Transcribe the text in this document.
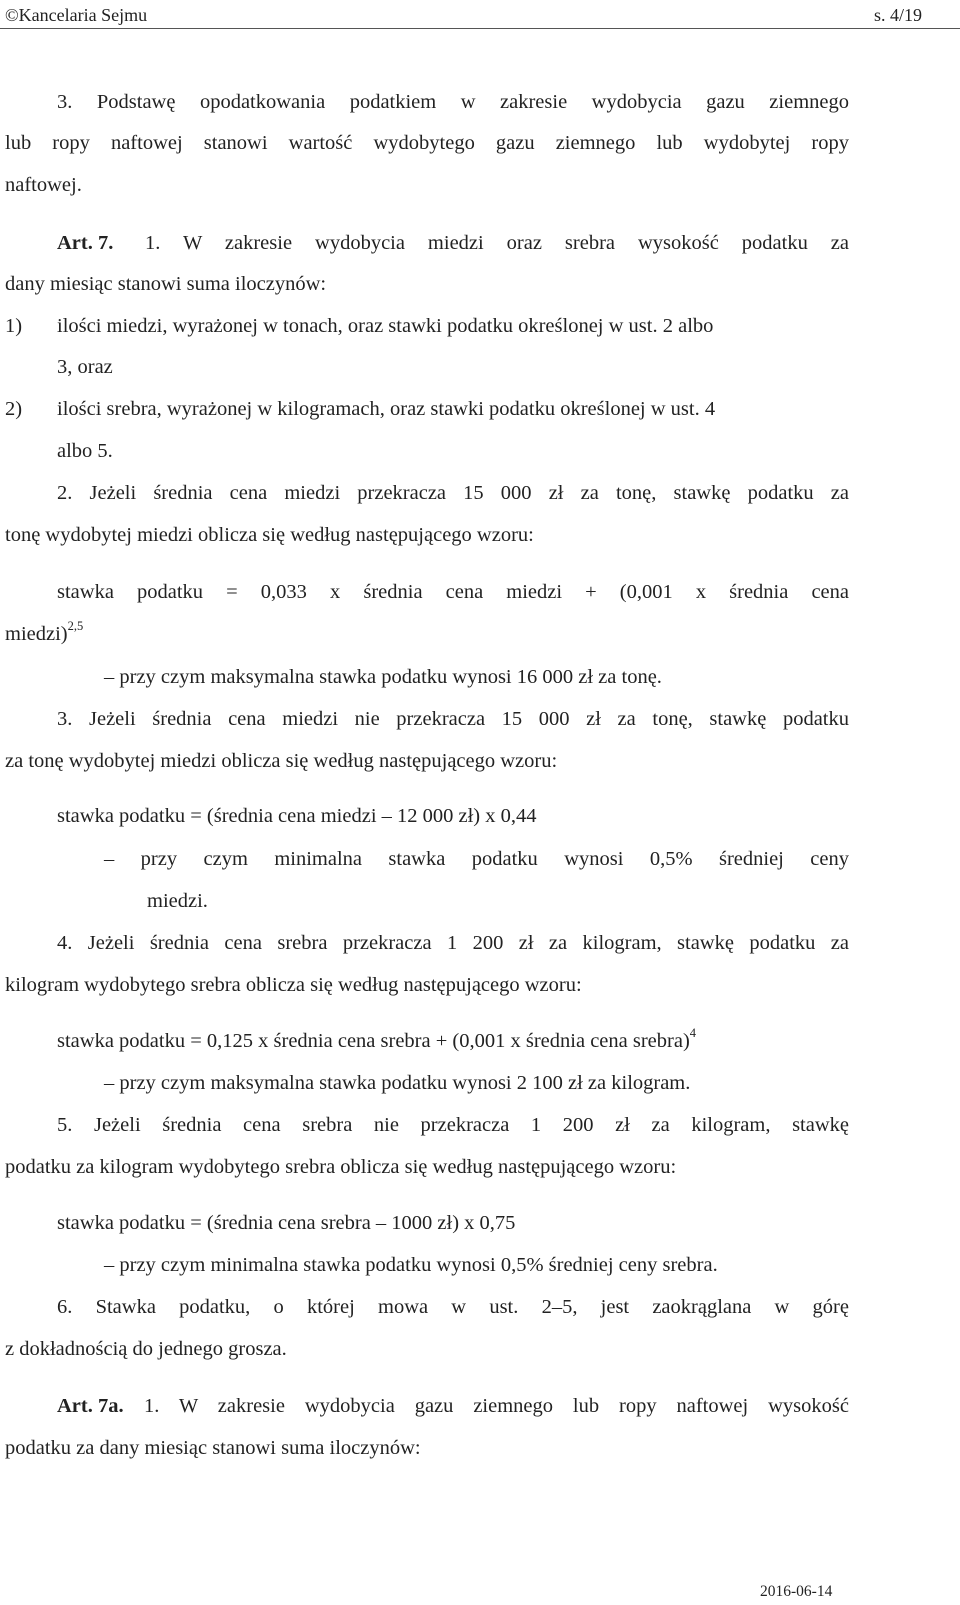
©Kancelaria Sejmu	s. 4/19
3. Podstawę opodatkowania podatkiem w zakresie wydobycia gazu ziemnego
lub ropy naftowej stanowi wartość wydobytego gazu ziemnego lub wydobytej ropy
naftowej.
Art. 7. 1. W zakresie wydobycia miedzi oraz srebra wysokość podatku za
dany miesiąc stanowi suma iloczynów:
1) ilości miedzi, wyrażonej w tonach, oraz stawki podatku określonej w ust. 2 albo
3, oraz
2) ilości srebra, wyrażonej w kilogramach, oraz stawki podatku określonej w ust. 4
albo 5.
2. Jeżeli średnia cena miedzi przekracza 15 000 zł za tonę, stawkę podatku za
tonę wydobytej miedzi oblicza się według następującego wzoru:
stawka podatku = 0,033 x średnia cena miedzi + (0,001 x średnia cena
miedzi)$^{2,5}$
– przy czym maksymalna stawka podatku wynosi 16 000 zł za tonę.
3. Jeżeli średnia cena miedzi nie przekracza 15 000 zł za tonę, stawkę podatku
za tonę wydobytej miedzi oblicza się według następującego wzoru:
stawka podatku = (średnia cena miedzi – 12 000 zł) x 0,44
– przy czym minimalna stawka podatku wynosi 0,5% średniej ceny
miedzi.
4. Jeżeli średnia cena srebra przekracza 1 200 zł za kilogram, stawkę podatku za
kilogram wydobytego srebra oblicza się według następującego wzoru:
stawka podatku = 0,125 x średnia cena srebra + (0,001 x średnia cena srebra)$^4$
– przy czym maksymalna stawka podatku wynosi 2 100 zł za kilogram.
5. Jeżeli średnia cena srebra nie przekracza 1 200 zł za kilogram, stawkę
podatku za kilogram wydobytego srebra oblicza się według następującego wzoru:
stawka podatku = (średnia cena srebra – 1000 zł) x 0,75
– przy czym minimalna stawka podatku wynosi 0,5% średniej ceny srebra.
6. Stawka podatku, o której mowa w ust. 2–5, jest zaokrąglana w górę
z dokładnością do jednego grosza.
Art. 7a. 1. W zakresie wydobycia gazu ziemnego lub ropy naftowej wysokość
podatku za dany miesiąc stanowi suma iloczynów:
2016-06-14
